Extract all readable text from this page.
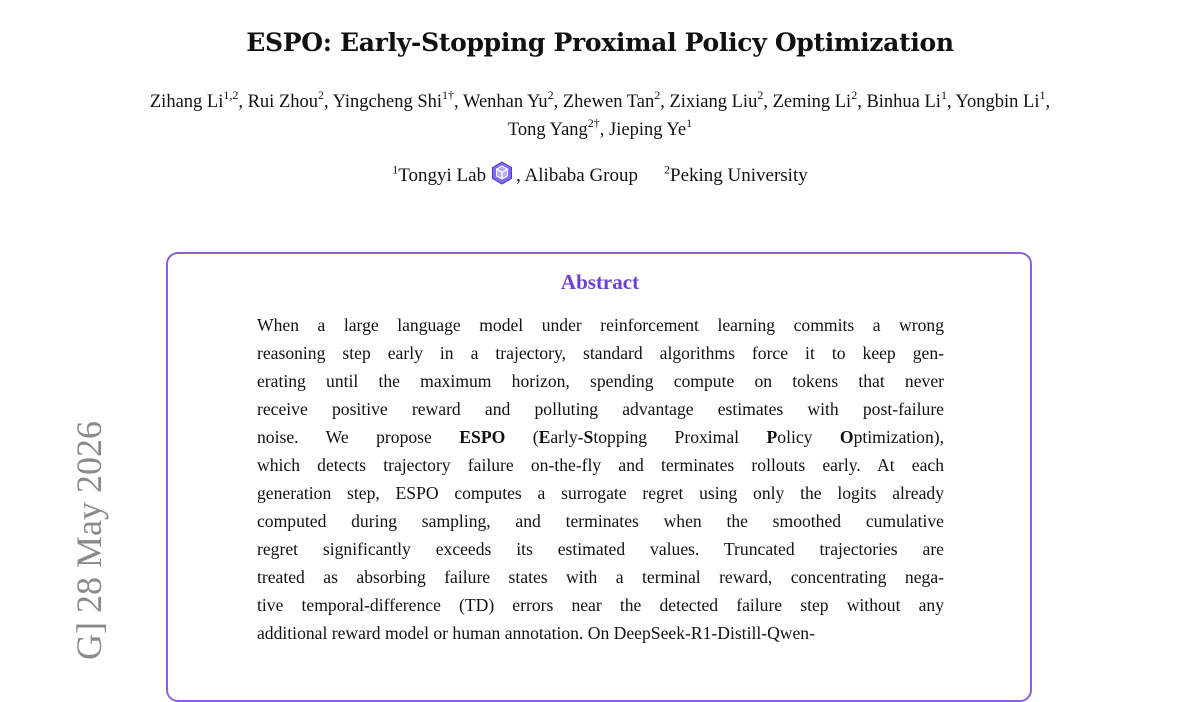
ESPO: Early-Stopping Proximal Policy Optimization
Zihang Li$^{1,2}$, Rui Zhou$^2$, Yingcheng Shi$^{1\dagger}$, Wenhan Yu$^2$, Zhewen Tan$^2$, Zixiang Liu$^2$, Zeming Li$^2$, Binhua Li$^1$, Yongbin Li$^1$, Tong Yang$^{2\dagger}$, Jieping Ye$^1$
$^1$Tongyi Lab , Alibaba Group $^2$Peking University
Abstract
When a large language model under reinforcement learning commits a wrong
reasoning step early in a trajectory, standard algorithms force it to keep gen-
erating until the maximum horizon, spending compute on tokens that never
receive positive reward and polluting advantage estimates with post-failure
noise. We propose ESPO (Early-Stopping Proximal Policy Optimization),
which detects trajectory failure on-the-fly and terminates rollouts early. At each
generation step, ESPO computes a surrogate regret using only the logits already
computed during sampling, and terminates when the smoothed cumulative
regret significantly exceeds its estimated values. Truncated trajectories are
treated as absorbing failure states with a terminal reward, concentrating nega-
tive temporal-difference (TD) errors near the detected failure step without any
additional reward model or human annotation. On DeepSeek-R1-Distill-Qwen-
G] 28 May 2026
